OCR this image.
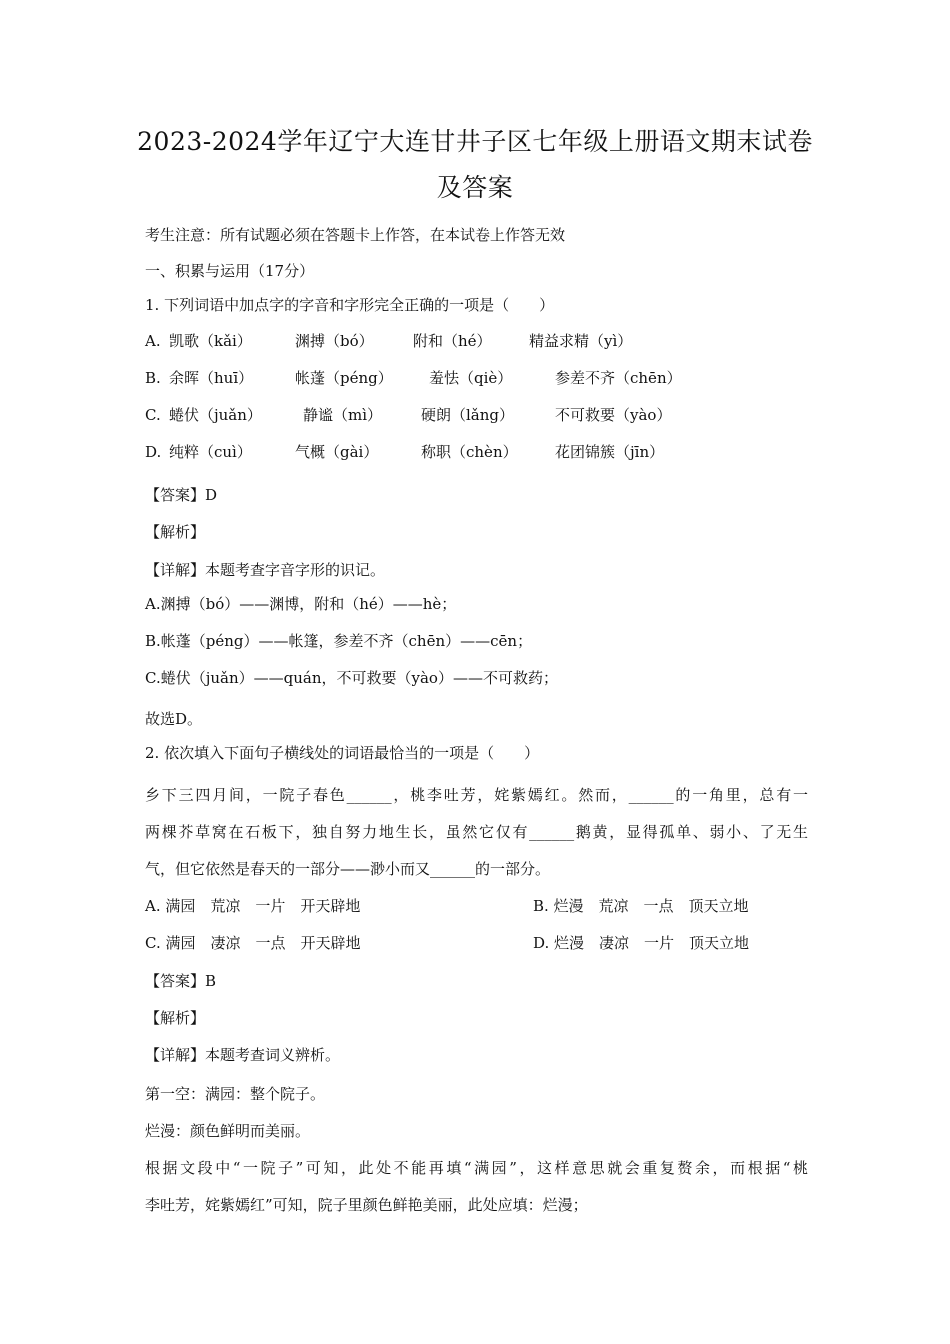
2023-2024学年辽宁大连甘井子区七年级上册语文期末试卷
及答案
考生注意：所有试题必须在答题卡上作答，在本试卷上作答无效
一、积累与运用（17分）
1. 下列词语中加点字的字音和字形完全正确的一项是（　　）
A. 凯歌（kǎi）	渊搏（bó）	附和（hé） 精益求精（yì）
B. 余晖（huī）	帐蓬（péng） 羞怯（qiè）	参差不齐（chēn）
C. 蜷伏（juǎn）	静谧（mì）	硬朗（lǎng）	不可救要（yào）
D. 纯粹（cuì）	气概（gài）	称职（chèn） 花团锦簇（jīn）
【答案】D
【解析】
【详解】本题考查字音字形的识记。
A.渊搏（bó）——渊博，附和（hé）——hè；
B.帐蓬（péng）——帐篷，参差不齐（chēn）——cēn；
C.蜷伏（juǎn）——quán，不可救要（yào）——不可救药；
故选D。
2. 依次填入下面句子横线处的词语最恰当的一项是（　　）
乡下三四月间，一院子春色______，桃李吐芳，姹紫嫣红。然而，______的一角里，总有一
两棵芥草窝在石板下，独自努力地生长，虽然它仅有______鹅黄，显得孤单、弱小、了无生
气，但它依然是春天的一部分——渺小而又______的一部分。
A. 满园　荒凉　一片　开天辟地	B. 烂漫　荒凉　一点　顶天立地
C. 满园　凄凉　一点　开天辟地	D. 烂漫　凄凉　一片　顶天立地
【答案】B
【解析】
【详解】本题考查词义辨析。
第一空：满园：整个院子。
烂漫：颜色鲜明而美丽。
根据文段中“一院子”可知，此处不能再填“满园”，这样意思就会重复赘余，而根据“桃
李吐芳，姹紫嫣红”可知，院子里颜色鲜艳美丽，此处应填：烂漫；
